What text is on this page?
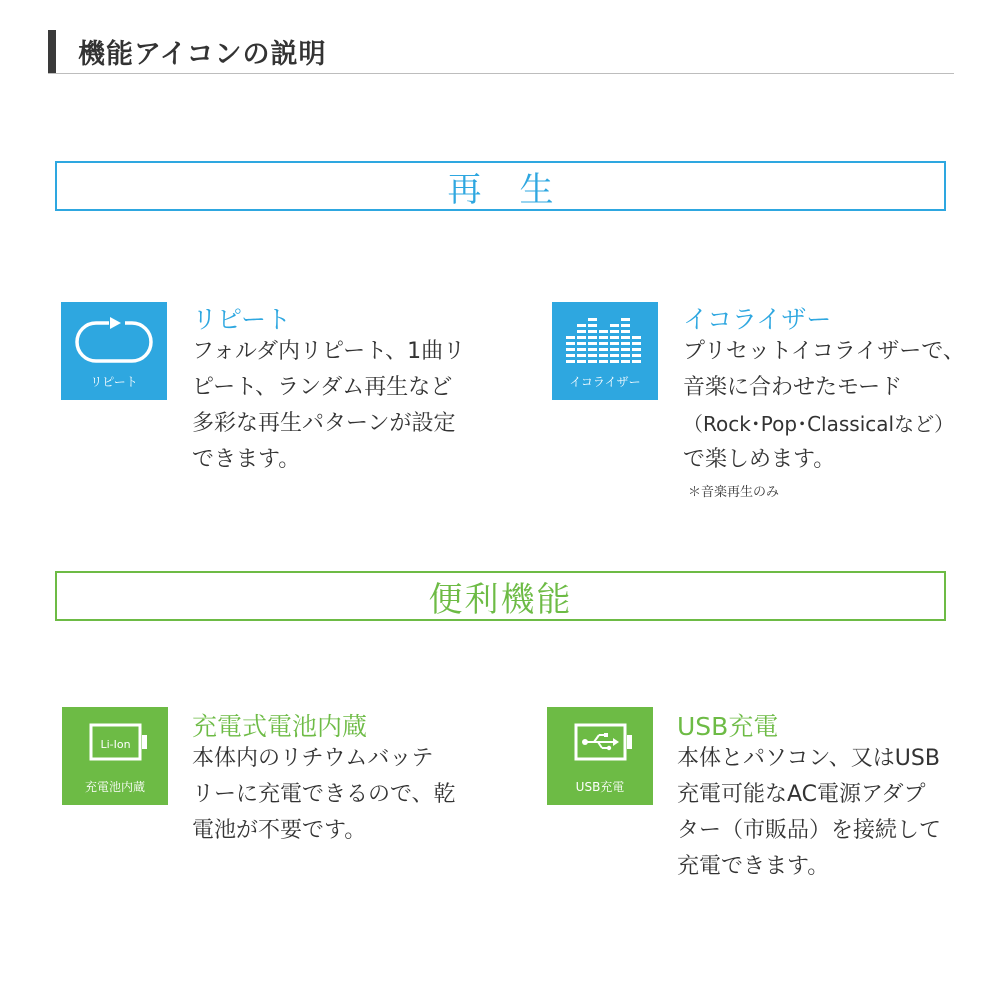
機能アイコンの説明
再生
リピート
リピート
フォルダ内リピート、1曲リ
ピート、ランダム再生など
多彩な再生パターンが設定
できます。
イコライザー
イコライザー
プリセットイコライザーで、
音楽に合わせたモード
（Rock･Pop･Classicalなど）
で楽しめます。
＊音楽再生のみ
便利機能
Li-Ion
充電池内蔵
充電式電池内蔵
本体内のリチウムバッテ
リーに充電できるので、乾
電池が不要です。
USB充電
USB充電
本体とパソコン、又はUSB
充電可能なAC電源アダプ
ター（市販品）を接続して
充電できます。
